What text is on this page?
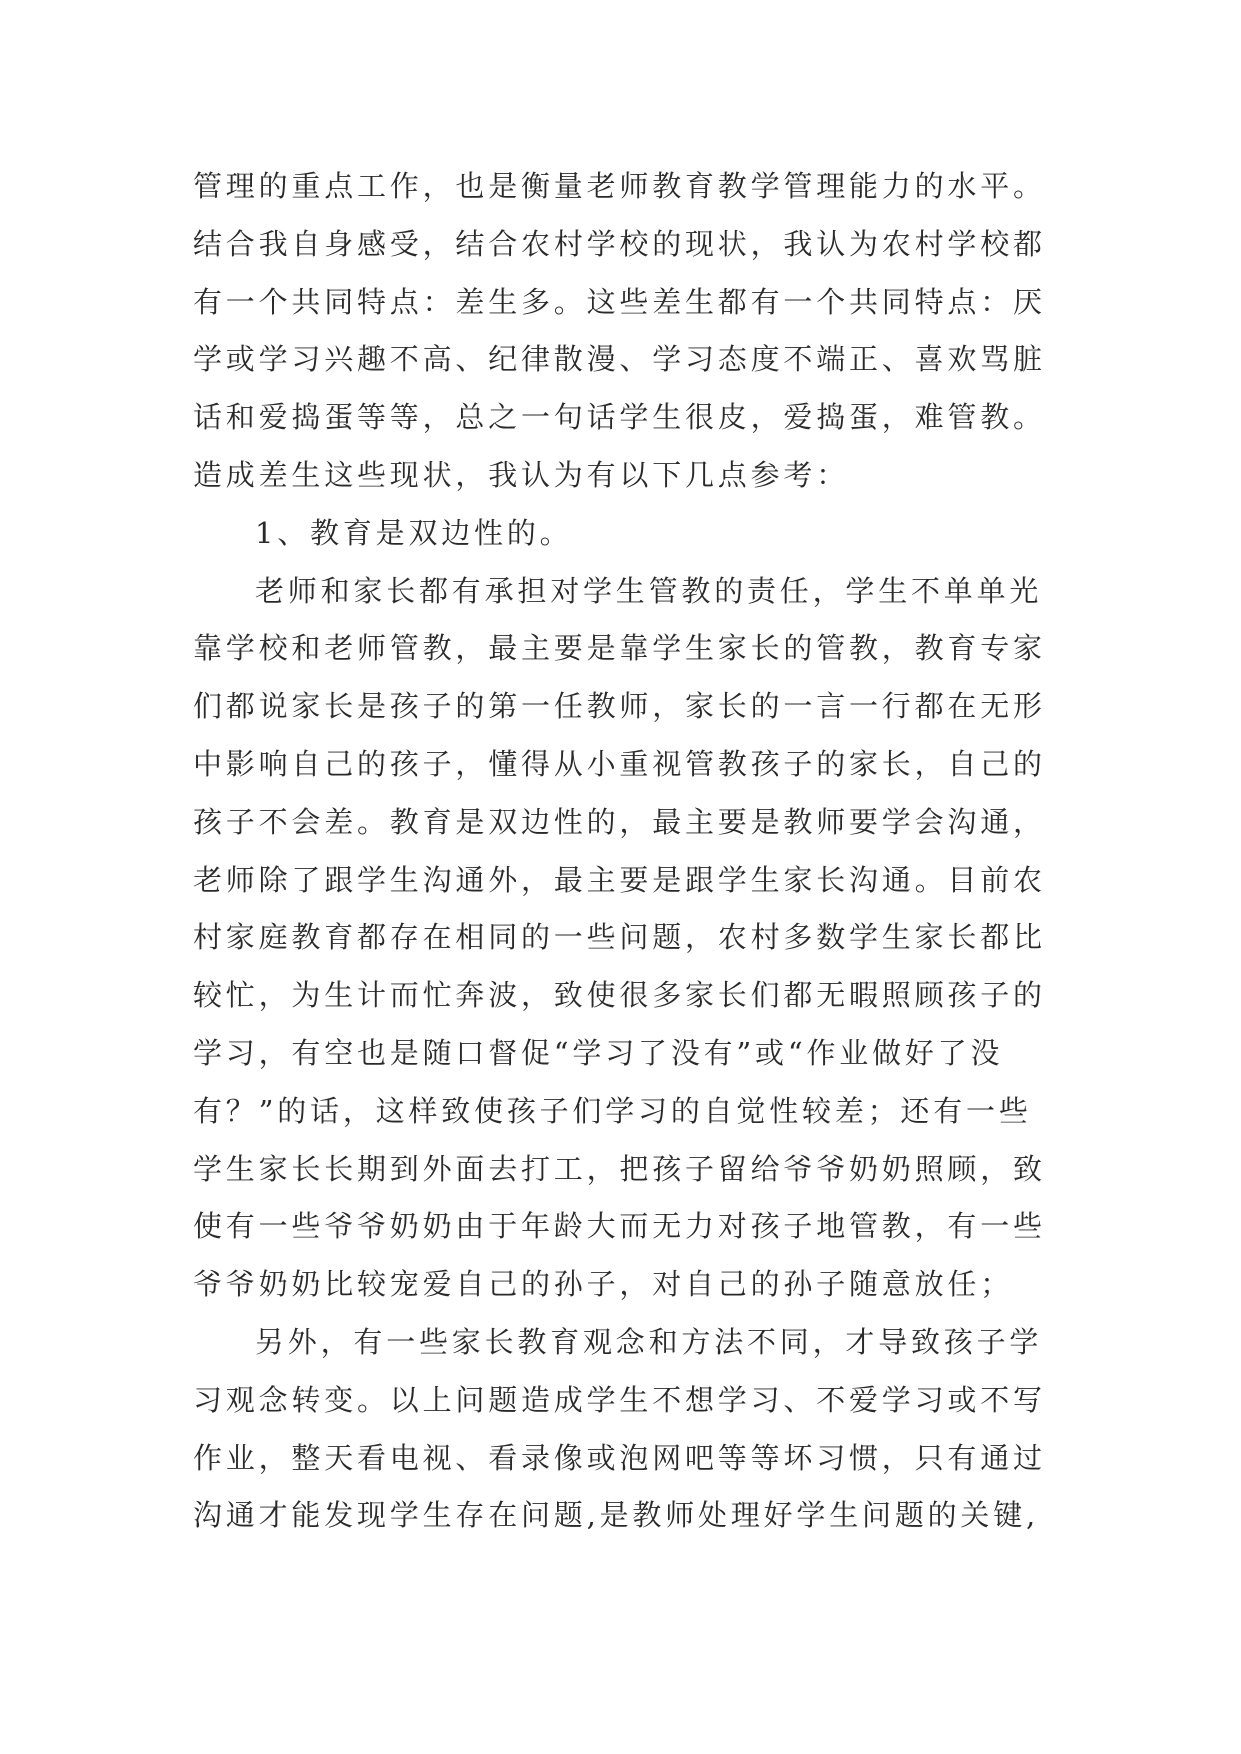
管理的重点工作，也是衡量老师教育教学管理能力的水平。
结合我自身感受，结合农村学校的现状，我认为农村学校都
有一个共同特点：差生多。这些差生都有一个共同特点：厌
学或学习兴趣不高、纪律散漫、学习态度不端正、喜欢骂脏
话和爱捣蛋等等，总之一句话学生很皮，爱捣蛋，难管教。
造成差生这些现状，我认为有以下几点参考：
1、教育是双边性的。
老师和家长都有承担对学生管教的责任，学生不单单光
靠学校和老师管教，最主要是靠学生家长的管教，教育专家
们都说家长是孩子的第一任教师，家长的一言一行都在无形
中影响自己的孩子，懂得从小重视管教孩子的家长，自己的
孩子不会差。教育是双边性的，最主要是教师要学会沟通，
老师除了跟学生沟通外，最主要是跟学生家长沟通。目前农
村家庭教育都存在相同的一些问题，农村多数学生家长都比
较忙，为生计而忙奔波，致使很多家长们都无暇照顾孩子的
学习，有空也是随口督促“学习了没有”或“作业做好了没
有？”的话，这样致使孩子们学习的自觉性较差；还有一些
学生家长长期到外面去打工，把孩子留给爷爷奶奶照顾，致
使有一些爷爷奶奶由于年龄大而无力对孩子地管教，有一些
爷爷奶奶比较宠爱自己的孙子，对自己的孙子随意放任；
另外，有一些家长教育观念和方法不同，才导致孩子学
习观念转变。以上问题造成学生不想学习、不爱学习或不写
作业，整天看电视、看录像或泡网吧等等坏习惯，只有通过
沟通才能发现学生存在问题,是教师处理好学生问题的关键,
